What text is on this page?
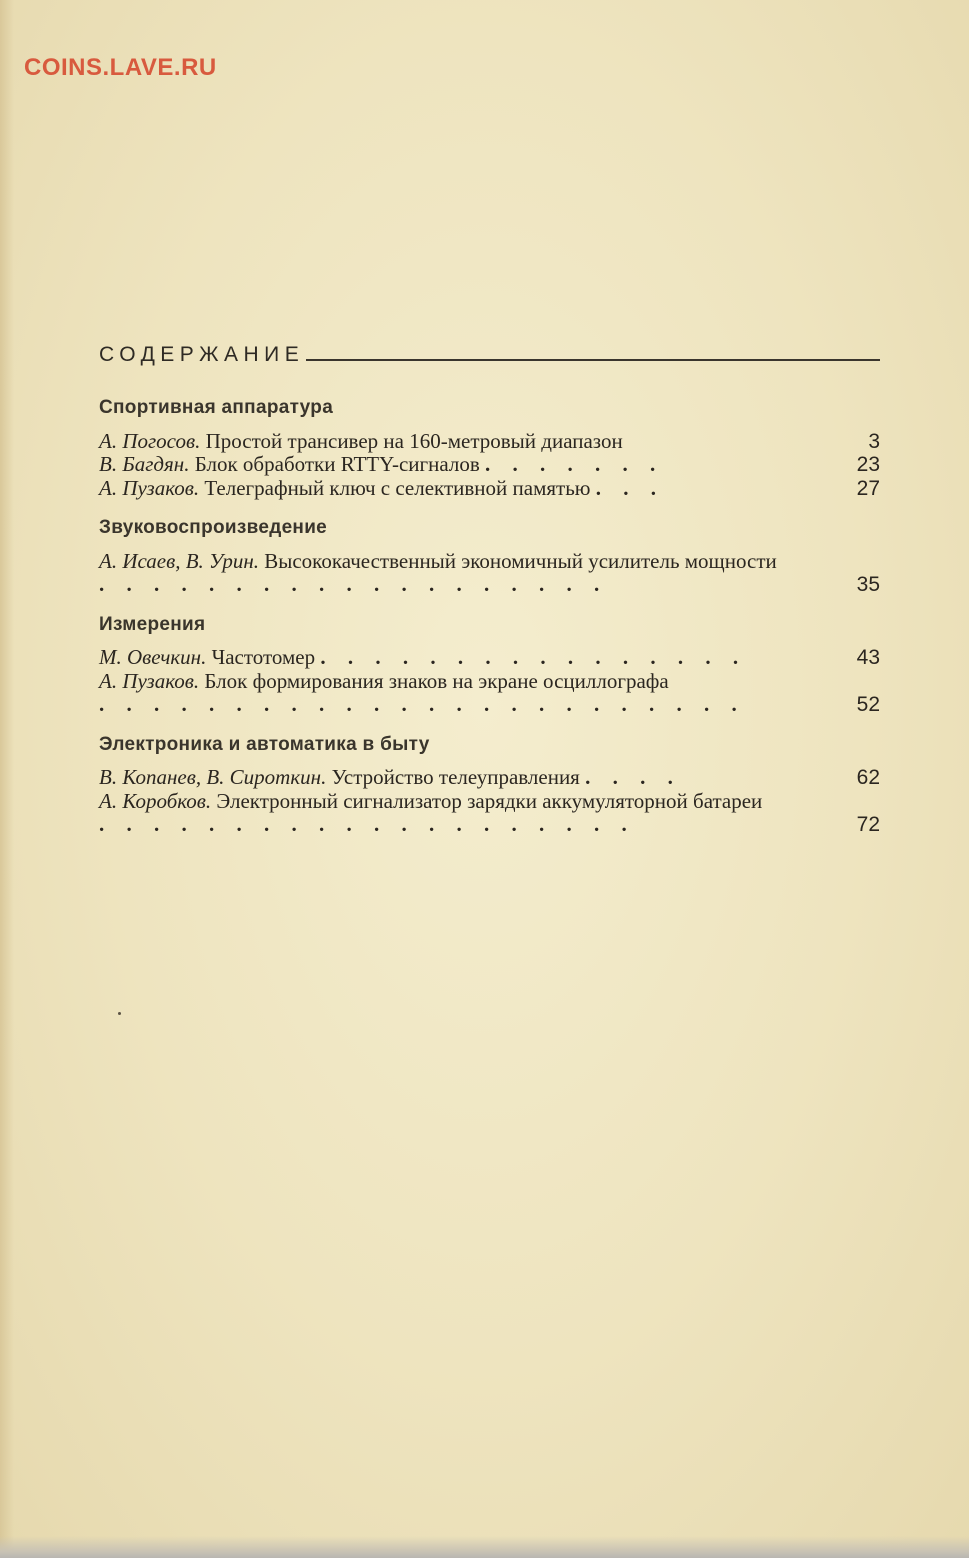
COINS.LAVE.RU
СОДЕРЖАНИЕ
Спортивная аппаратура
А. Погосов. Простой трансивер на 160-метровый диапазон	3
В. Багдян. Блок обработки RTTY-сигналов . . . . . . .	23
А. Пузаков. Телеграфный ключ с селективной памятью . . .	27
Звуковоспроизведение
А. Исаев, В. Урин. Высококачественный экономичный усилитель мощности . . . . . . . . . . . . . . . . . . .	35
Измерения
М. Овечкин. Частотомер . . . . . . . . . . . . . . . .	43
А. Пузаков. Блок формирования знаков на экране осциллографа . . . . . . . . . . . . . . . . . . . . . . . .	52
Электроника и автоматика в быту
В. Копанев, В. Сироткин. Устройство телеуправления . . . .	62
А. Коробков. Электронный сигнализатор зарядки аккумуляторной батареи . . . . . . . . . . . . . . . . . . . .	72
